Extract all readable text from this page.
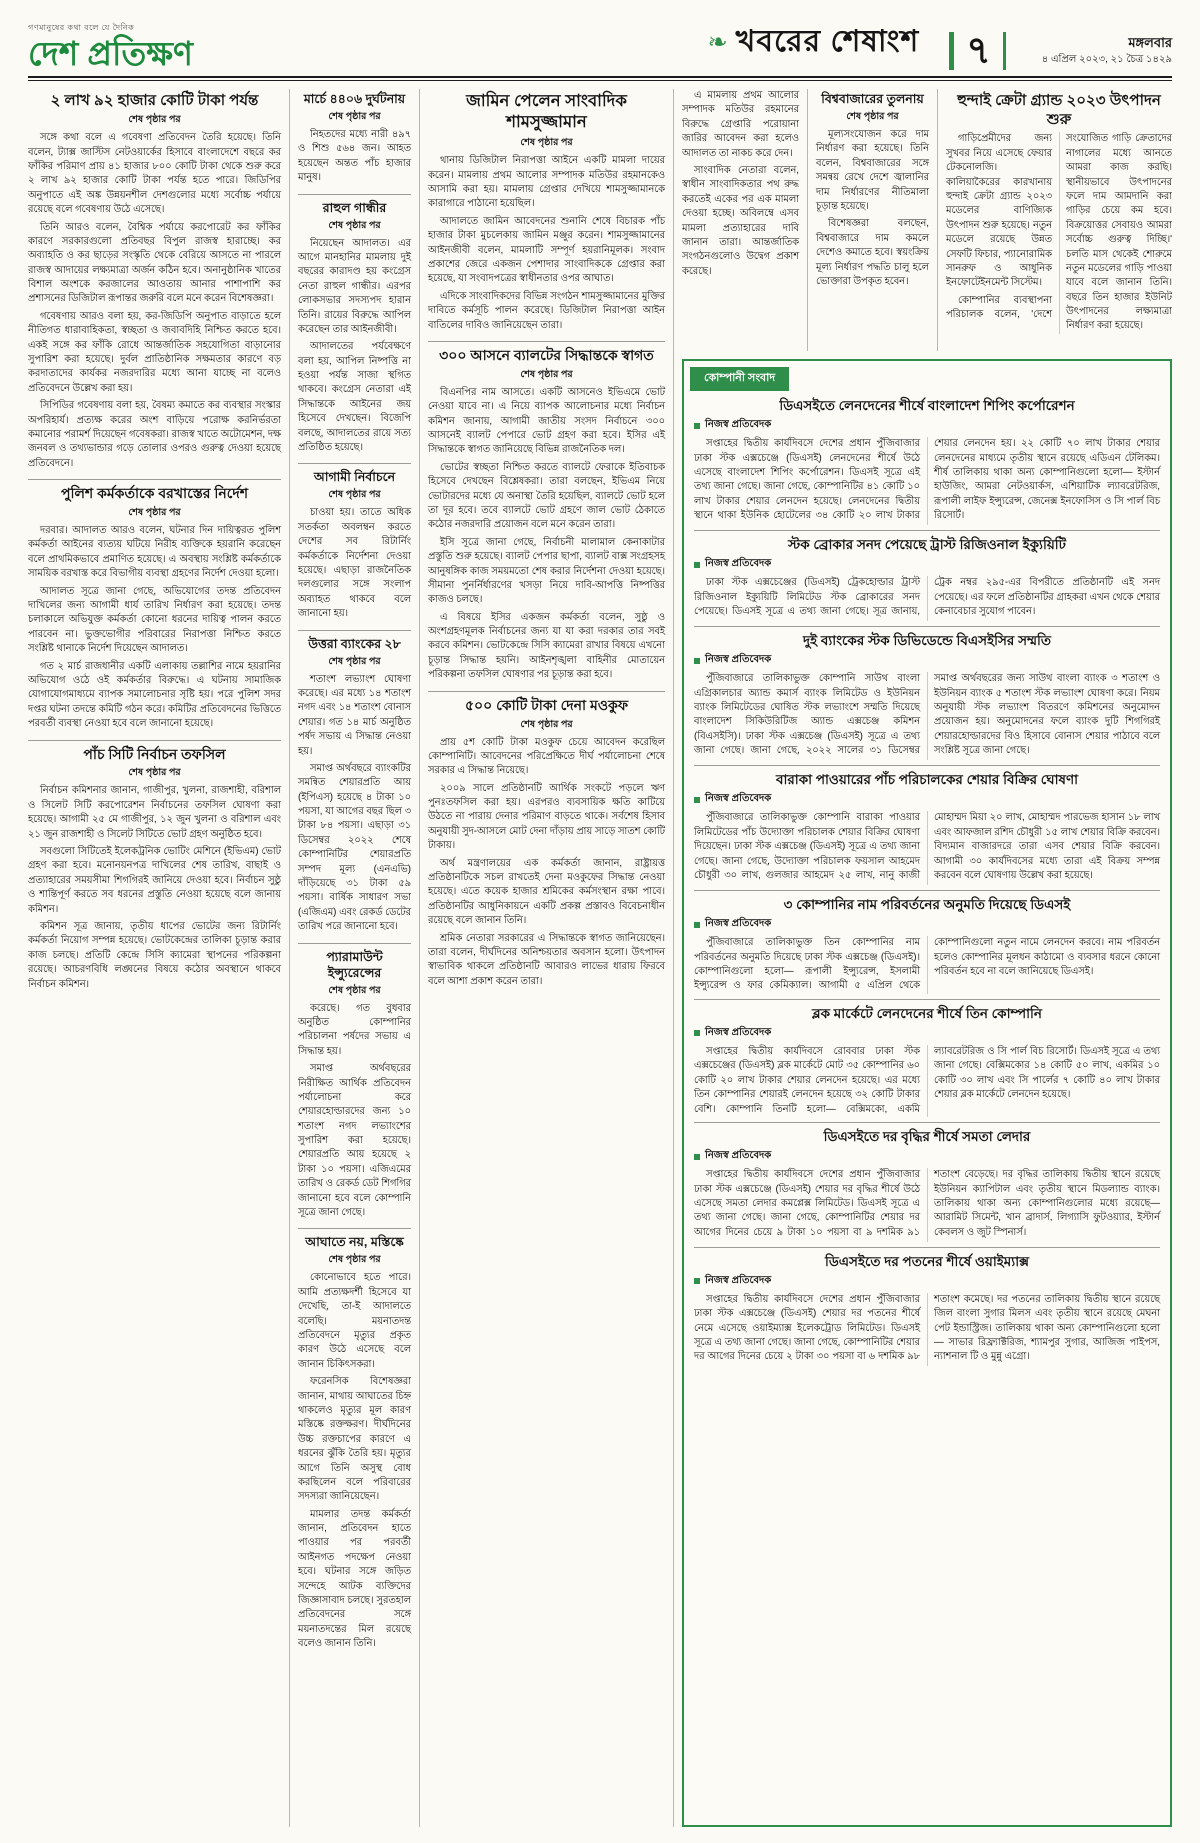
গণমানুষের কথা বলে যে দৈনিক
দেশ প্রতিক্ষণ	❧ খবরের শেষাংশ	৭	মঙ্গলবার
৪ এপ্রিল ২০২৩, ২১ চৈত্র ১৪২৯
২ লাখ ৯২ হাজার কোটি টাকা পর্যন্ত
শেষ পৃষ্ঠার পর

সঙ্গে কথা বলে এ গবেষণা প্রতিবেদন তৈরি হয়েছে। তিনি বলেন, ট্যাক্স জাস্টিস নেটওয়ার্কের হিসাবে বাংলাদেশে বছরে কর ফাঁকির পরিমাণ প্রায় ৪১ হাজার ৮০০ কোটি টাকা থেকে শুরু করে ২ লাখ ৯২ হাজার কোটি টাকা পর্যন্ত হতে পারে। জিডিপির অনুপাতে এই অঙ্ক উন্নয়নশীল দেশগুলোর মধ্যে সর্বোচ্চ পর্যায়ে রয়েছে বলে গবেষণায় উঠে এসেছে।

তিনি আরও বলেন, বৈশ্বিক পর্যায়ে করপোরেট কর ফাঁকির কারণে সরকারগুলো প্রতিবছর বিপুল রাজস্ব হারাচ্ছে। কর অব্যাহতি ও কর ছাড়ের সংস্কৃতি থেকে বেরিয়ে আসতে না পারলে রাজস্ব আদায়ের লক্ষ্যমাত্রা অর্জন কঠিন হবে। অনানুষ্ঠানিক খাতের বিশাল অংশকে করজালের আওতায় আনার পাশাপাশি কর প্রশাসনের ডিজিটাল রূপান্তর জরুরি বলে মনে করেন বিশেষজ্ঞরা।

গবেষণায় আরও বলা হয়, কর-জিডিপি অনুপাত বাড়াতে হলে নীতিগত ধারাবাহিকতা, স্বচ্ছতা ও জবাবদিহি নিশ্চিত করতে হবে। একই সঙ্গে কর ফাঁকি রোধে আন্তর্জাতিক সহযোগিতা বাড়ানোর সুপারিশ করা হয়েছে। দুর্বল প্রাতিষ্ঠানিক সক্ষমতার কারণে বড় করদাতাদের কার্যকর নজরদারির মধ্যে আনা যাচ্ছে না বলেও প্রতিবেদনে উল্লেখ করা হয়।

সিপিডির গবেষণায় বলা হয়, বৈষম্য কমাতে কর ব্যবস্থার সংস্কার অপরিহার্য। প্রত্যক্ষ করের অংশ বাড়িয়ে পরোক্ষ করনির্ভরতা কমানোর পরামর্শ দিয়েছেন গবেষকরা। রাজস্ব খাতে অটোমেশন, দক্ষ জনবল ও তথ্যভান্ডার গড়ে তোলার ওপরও গুরুত্ব দেওয়া হয়েছে প্রতিবেদনে।

পুলিশ কর্মকর্তাকে বরখাস্তের নির্দেশ
শেষ পৃষ্ঠার পর

দরবার। আদালত আরও বলেন, ঘটনার দিন দায়িত্বরত পুলিশ কর্মকর্তা আইনের ব্যত্যয় ঘটিয়ে নিরীহ ব্যক্তিকে হয়রানি করেছেন বলে প্রাথমিকভাবে প্রমাণিত হয়েছে। এ অবস্থায় সংশ্লিষ্ট কর্মকর্তাকে সাময়িক বরখাস্ত করে বিভাগীয় ব্যবস্থা গ্রহণের নির্দেশ দেওয়া হলো।

আদালত সূত্রে জানা গেছে, অভিযোগের তদন্ত প্রতিবেদন দাখিলের জন্য আগামী ধার্য তারিখ নির্ধারণ করা হয়েছে। তদন্ত চলাকালে অভিযুক্ত কর্মকর্তা কোনো ধরনের দায়িত্ব পালন করতে পারবেন না। ভুক্তভোগীর পরিবারের নিরাপত্তা নিশ্চিত করতে সংশ্লিষ্ট থানাকে নির্দেশ দিয়েছেন আদালত।

গত ২ মার্চ রাজধানীর একটি এলাকায় তল্লাশির নামে হয়রানির অভিযোগ ওঠে ওই কর্মকর্তার বিরুদ্ধে। এ ঘটনায় সামাজিক যোগাযোগমাধ্যমে ব্যাপক সমালোচনার সৃষ্টি হয়। পরে পুলিশ সদর দপ্তর ঘটনা তদন্তে কমিটি গঠন করে। কমিটির প্রতিবেদনের ভিত্তিতে পরবর্তী ব্যবস্থা নেওয়া হবে বলে জানানো হয়েছে।

পাঁচ সিটি নির্বাচন তফসিল
শেষ পৃষ্ঠার পর

নির্বাচন কমিশনার জানান, গাজীপুর, খুলনা, রাজশাহী, বরিশাল ও সিলেট সিটি করপোরেশন নির্বাচনের তফসিল ঘোষণা করা হয়েছে। আগামী ২৫ মে গাজীপুর, ১২ জুন খুলনা ও বরিশাল এবং ২১ জুন রাজশাহী ও সিলেট সিটিতে ভোট গ্রহণ অনুষ্ঠিত হবে।

সবগুলো সিটিতেই ইলেকট্রনিক ভোটিং মেশিনে (ইভিএম) ভোট গ্রহণ করা হবে। মনোনয়নপত্র দাখিলের শেষ তারিখ, বাছাই ও প্রত্যাহারের সময়সীমা শিগগিরই জানিয়ে দেওয়া হবে। নির্বাচন সুষ্ঠু ও শান্তিপূর্ণ করতে সব ধরনের প্রস্তুতি নেওয়া হয়েছে বলে জানায় কমিশন।

কমিশন সূত্র জানায়, তৃতীয় ধাপের ভোটের জন্য রিটার্নিং কর্মকর্তা নিয়োগ সম্পন্ন হয়েছে। ভোটকেন্দ্রের তালিকা চূড়ান্ত করার কাজ চলছে। প্রতিটি কেন্দ্রে সিসি ক্যামেরা স্থাপনের পরিকল্পনা রয়েছে। আচরণবিধি লঙ্ঘনের বিষয়ে কঠোর অবস্থানে থাকবে নির্বাচন কমিশন।

মার্চে ৪৪০৬ দুর্ঘটনায়
শেষ পৃষ্ঠার পর

নিহতদের মধ্যে নারী ৪৯৭ ও শিশু ৫৬৪ জন। আহত হয়েছেন অন্তত পাঁচ হাজার মানুষ।

রাহুল গান্ধীর
শেষ পৃষ্ঠার পর

নিয়েছেন আদালত। এর আগে মানহানির মামলায় দুই বছরের কারাদণ্ড হয় কংগ্রেস নেতা রাহুল গান্ধীর। এরপর লোকসভার সদস্যপদ হারান তিনি। রায়ের বিরুদ্ধে আপিল করেছেন তার আইনজীবী।

আদালতের পর্যবেক্ষণে বলা হয়, আপিল নিষ্পত্তি না হওয়া পর্যন্ত সাজা স্থগিত থাকবে। কংগ্রেস নেতারা এই সিদ্ধান্তকে আইনের জয় হিসেবে দেখছেন। বিজেপি বলছে, আদালতের রায়ে সত্য প্রতিষ্ঠিত হয়েছে।

আগামী নির্বাচনে
শেষ পৃষ্ঠার পর

চাওয়া হয়। তাতে অধিক সতর্কতা অবলম্বন করতে দেশের সব রিটার্নিং কর্মকর্তাকে নির্দেশনা দেওয়া হয়েছে। এছাড়া রাজনৈতিক দলগুলোর সঙ্গে সংলাপ অব্যাহত থাকবে বলে জানানো হয়।

উত্তরা ব্যাংকের ২৮
শেষ পৃষ্ঠার পর

শতাংশ লভ্যাংশ ঘোষণা করেছে। এর মধ্যে ১৪ শতাংশ নগদ এবং ১৪ শতাংশ বোনাস শেয়ার। গত ১৪ মার্চ অনুষ্ঠিত পর্ষদ সভায় এ সিদ্ধান্ত নেওয়া হয়।

সমাপ্ত অর্থবছরে ব্যাংকটির সমন্বিত শেয়ারপ্রতি আয় (ইপিএস) হয়েছে ৪ টাকা ১০ পয়সা, যা আগের বছর ছিল ৩ টাকা ৮৪ পয়সা। এছাড়া ৩১ ডিসেম্বর ২০২২ শেষে কোম্পানিটির শেয়ারপ্রতি সম্পদ মূল্য (এনএভি) দাঁড়িয়েছে ৩১ টাকা ৫৯ পয়সা। বার্ষিক সাধারণ সভা (এজিএম) এবং রেকর্ড ডেটের তারিখ পরে জানানো হবে।

প্যারামাউন্ট ইন্স্যুরেন্সের
শেষ পৃষ্ঠার পর

করেছে। গত বুধবার অনুষ্ঠিত কোম্পানির পরিচালনা পর্ষদের সভায় এ সিদ্ধান্ত হয়।

সমাপ্ত অর্থবছরের নিরীক্ষিত আর্থিক প্রতিবেদন পর্যালোচনা করে শেয়ারহোল্ডারদের জন্য ১০ শতাংশ নগদ লভ্যাংশের সুপারিশ করা হয়েছে। শেয়ারপ্রতি আয় হয়েছে ২ টাকা ১০ পয়সা। এজিএমের তারিখ ও রেকর্ড ডেট শিগগির জানানো হবে বলে কোম্পানি সূত্রে জানা গেছে।

আঘাতে নয়, মস্তিষ্কে
শেষ পৃষ্ঠার পর

কোনোভাবে হতে পারে। আমি প্রত্যক্ষদর্শী হিসেবে যা দেখেছি, তা-ই আদালতে বলেছি। ময়নাতদন্ত প্রতিবেদনে মৃত্যুর প্রকৃত কারণ উঠে এসেছে বলে জানান চিকিৎসকরা।

ফরেনসিক বিশেষজ্ঞরা জানান, মাথায় আঘাতের চিহ্ন থাকলেও মৃত্যুর মূল কারণ মস্তিষ্কে রক্তক্ষরণ। দীর্ঘদিনের উচ্চ রক্তচাপের কারণে এ ধরনের ঝুঁকি তৈরি হয়। মৃত্যুর আগে তিনি অসুস্থ বোধ করছিলেন বলে পরিবারের সদস্যরা জানিয়েছেন।

মামলার তদন্ত কর্মকর্তা জানান, প্রতিবেদন হাতে পাওয়ার পর পরবর্তী আইনগত পদক্ষেপ নেওয়া হবে। ঘটনার সঙ্গে জড়িত সন্দেহে আটক ব্যক্তিদের জিজ্ঞাসাবাদ চলছে। সুরতহাল প্রতিবেদনের সঙ্গে ময়নাতদন্তের মিল রয়েছে বলেও জানান তিনি।

জামিন পেলেন সাংবাদিক শামসুজ্জামান
শেষ পৃষ্ঠার পর

থানায় ডিজিটাল নিরাপত্তা আইনে একটি মামলা দায়ের করেন। মামলায় প্রথম আলোর সম্পাদক মতিউর রহমানকেও আসামি করা হয়। মামলায় গ্রেপ্তার দেখিয়ে শামসুজ্জামানকে কারাগারে পাঠানো হয়েছিল।

আদালতে জামিন আবেদনের শুনানি শেষে বিচারক পাঁচ হাজার টাকা মুচলেকায় জামিন মঞ্জুর করেন। শামসুজ্জামানের আইনজীবী বলেন, মামলাটি সম্পূর্ণ হয়রানিমূলক। সংবাদ প্রকাশের জেরে একজন পেশাদার সাংবাদিককে গ্রেপ্তার করা হয়েছে, যা সংবাদপত্রের স্বাধীনতার ওপর আঘাত।

এদিকে সাংবাদিকদের বিভিন্ন সংগঠন শামসুজ্জামানের মুক্তির দাবিতে কর্মসূচি পালন করেছে। ডিজিটাল নিরাপত্তা আইন বাতিলের দাবিও জানিয়েছেন তারা।

৩০০ আসনে ব্যালটের সিদ্ধান্তকে স্বাগত
শেষ পৃষ্ঠার পর

বিএনপির নাম আসতে। একটি আসনেও ইভিএমে ভোট নেওয়া যাবে না। এ নিয়ে ব্যাপক আলোচনার মধ্যে নির্বাচন কমিশন জানায়, আগামী জাতীয় সংসদ নির্বাচনে ৩০০ আসনেই ব্যালট পেপারে ভোট গ্রহণ করা হবে। ইসির এই সিদ্ধান্তকে স্বাগত জানিয়েছে বিভিন্ন রাজনৈতিক দল।

ভোটের স্বচ্ছতা নিশ্চিত করতে ব্যালটে ফেরাকে ইতিবাচক হিসেবে দেখছেন বিশ্লেষকরা। তারা বলছেন, ইভিএম নিয়ে ভোটারদের মধ্যে যে অনাস্থা তৈরি হয়েছিল, ব্যালটে ভোট হলে তা দূর হবে। তবে ব্যালটে ভোট গ্রহণে জাল ভোট ঠেকাতে কঠোর নজরদারি প্রয়োজন বলে মনে করেন তারা।

ইসি সূত্রে জানা গেছে, নির্বাচনী মালামাল কেনাকাটার প্রস্তুতি শুরু হয়েছে। ব্যালট পেপার ছাপা, ব্যালট বাক্স সংগ্রহসহ আনুষঙ্গিক কাজ সময়মতো শেষ করার নির্দেশনা দেওয়া হয়েছে। সীমানা পুনর্নির্ধারণের খসড়া নিয়ে দাবি-আপত্তি নিষ্পত্তির কাজও চলছে।

এ বিষয়ে ইসির একজন কর্মকর্তা বলেন, সুষ্ঠু ও অংশগ্রহণমূলক নির্বাচনের জন্য যা যা করা দরকার তার সবই করবে কমিশন। ভোটকেন্দ্রে সিসি ক্যামেরা রাখার বিষয়ে এখনো চূড়ান্ত সিদ্ধান্ত হয়নি। আইনশৃঙ্খলা বাহিনীর মোতায়েন পরিকল্পনা তফসিল ঘোষণার পর চূড়ান্ত করা হবে।

৫০০ কোটি টাকা দেনা মওকুফ
শেষ পৃষ্ঠার পর

প্রায় ৫শ কোটি টাকা মওকুফ চেয়ে আবেদন করেছিল কোম্পানিটি। আবেদনের পরিপ্রেক্ষিতে দীর্ঘ পর্যালোচনা শেষে সরকার এ সিদ্ধান্ত নিয়েছে।

২০০৯ সালে প্রতিষ্ঠানটি আর্থিক সংকটে পড়লে ঋণ পুনঃতফসিল করা হয়। এরপরও ব্যবসায়িক ক্ষতি কাটিয়ে উঠতে না পারায় দেনার পরিমাণ বাড়তে থাকে। সর্বশেষ হিসাব অনুযায়ী সুদ-আসলে মোট দেনা দাঁড়ায় প্রায় সাড়ে সাতশ কোটি টাকায়।

অর্থ মন্ত্রণালয়ের এক কর্মকর্তা জানান, রাষ্ট্রায়ত্ত প্রতিষ্ঠানটিকে সচল রাখতেই দেনা মওকুফের সিদ্ধান্ত নেওয়া হয়েছে। এতে কয়েক হাজার শ্রমিকের কর্মসংস্থান রক্ষা পাবে। প্রতিষ্ঠানটির আধুনিকায়নে একটি প্রকল্প প্রস্তাবও বিবেচনাধীন রয়েছে বলে জানান তিনি।

শ্রমিক নেতারা সরকারের এ সিদ্ধান্তকে স্বাগত জানিয়েছেন। তারা বলেন, দীর্ঘদিনের অনিশ্চয়তার অবসান হলো। উৎপাদন স্বাভাবিক থাকলে প্রতিষ্ঠানটি আবারও লাভের ধারায় ফিরবে বলে আশা প্রকাশ করেন তারা।

এ মামলায় প্রথম আলোর সম্পাদক মতিউর রহমানের বিরুদ্ধে গ্রেপ্তারি পরোয়ানা জারির আবেদন করা হলেও আদালত তা নাকচ করে দেন।

সাংবাদিক নেতারা বলেন, স্বাধীন সাংবাদিকতার পথ রুদ্ধ করতেই একের পর এক মামলা দেওয়া হচ্ছে। অবিলম্বে এসব মামলা প্রত্যাহারের দাবি জানান তারা। আন্তর্জাতিক সংগঠনগুলোও উদ্বেগ প্রকাশ করেছে।

বিশ্ববাজারের তুলনায়
শেষ পৃষ্ঠার পর

মূল্যসংযোজন করে দাম নির্ধারণ করা হয়েছে। তিনি বলেন, বিশ্ববাজারের সঙ্গে সমন্বয় রেখে দেশে জ্বালানির দাম নির্ধারণের নীতিমালা চূড়ান্ত হয়েছে।

বিশেষজ্ঞরা বলছেন, বিশ্ববাজারে দাম কমলে দেশেও কমাতে হবে। স্বয়ংক্রিয় মূল্য নির্ধারণ পদ্ধতি চালু হলে ভোক্তারা উপকৃত হবেন।

হুন্দাই ক্রেটা গ্র্যান্ড ২০২৩ উৎপাদন শুরু

গাড়িপ্রেমীদের জন্য সুখবর নিয়ে এসেছে ফেয়ার টেকনোলজি। কালিয়াকৈরের কারখানায় হুন্দাই ক্রেটা গ্র্যান্ড ২০২৩ মডেলের বাণিজ্যিক উৎপাদন শুরু হয়েছে। নতুন মডেলে রয়েছে উন্নত সেফটি ফিচার, প্যানোরামিক সানরুফ ও আধুনিক ইনফোটেইনমেন্ট সিস্টেম।

কোম্পানির ব্যবস্থাপনা পরিচালক বলেন, 'দেশে সংযোজিত গাড়ি ক্রেতাদের নাগালের মধ্যে আনতে আমরা কাজ করছি। স্থানীয়ভাবে উৎপাদনের ফলে দাম আমদানি করা গাড়ির চেয়ে কম হবে। বিক্রয়োত্তর সেবায়ও আমরা সর্বোচ্চ গুরুত্ব দিচ্ছি।' চলতি মাস থেকেই শোরুমে নতুন মডেলের গাড়ি পাওয়া যাবে বলে জানান তিনি। বছরে তিন হাজার ইউনিট উৎপাদনের লক্ষ্যমাত্রা নির্ধারণ করা হয়েছে।

কোম্পানী সংবাদ
ডিএসইতে লেনদেনের শীর্ষে বাংলাদেশ শিপিং কর্পোরেশন
নিজস্ব প্রতিবেদক

সপ্তাহের দ্বিতীয় কার্যদিবসে দেশের প্রধান পুঁজিবাজার ঢাকা স্টক এক্সচেঞ্জে (ডিএসই) লেনদেনের শীর্ষে উঠে এসেছে বাংলাদেশ শিপিং কর্পোরেশন। ডিএসই সূত্রে এই তথ্য জানা গেছে। জানা গেছে, কোম্পানিটির ৪১ কোটি ১০ লাখ টাকার শেয়ার লেনদেন হয়েছে। লেনদেনের দ্বিতীয় স্থানে থাকা ইউনিক হোটেলের ৩৪ কোটি ২০ লাখ টাকার শেয়ার লেনদেন হয়। ২২ কোটি ৭০ লাখ টাকার শেয়ার লেনদেনের মাধ্যমে তৃতীয় স্থানে রয়েছে এডিএন টেলিকম। শীর্ষ তালিকায় থাকা অন্য কোম্পানিগুলো হলো— ইস্টার্ন হাউজিং, আমরা নেটওয়ার্কস, এশিয়াটিক ল্যাবরেটরিজ, রূপালী লাইফ ইন্স্যুরেন্স, জেনেক্স ইনফোসিস ও সি পার্ল বিচ রিসোর্ট।

স্টক ব্রোকার সনদ পেয়েছে ট্রাস্ট রিজিওনাল ইক্যুয়িটি
নিজস্ব প্রতিবেদক

ঢাকা স্টক এক্সচেঞ্জের (ডিএসই) ট্রেকহোল্ডার ট্রাস্ট রিজিওনাল ইক্যুয়িটি লিমিটেড স্টক ব্রোকারের সনদ পেয়েছে। ডিএসই সূত্রে এ তথ্য জানা গেছে। সূত্র জানায়, ট্রেক নম্বর ২৯৫-এর বিপরীতে প্রতিষ্ঠানটি এই সনদ পেয়েছে। এর ফলে প্রতিষ্ঠানটির গ্রাহকরা এখন থেকে শেয়ার কেনাবেচার সুযোগ পাবেন।

দুই ব্যাংকের স্টক ডিভিডেন্ডে বিএসইসির সম্মতি
নিজস্ব প্রতিবেদক

পুঁজিবাজারে তালিকাভুক্ত কোম্পানি সাউথ বাংলা এগ্রিকালচার অ্যান্ড কমার্স ব্যাংক লিমিটেড ও ইউনিয়ন ব্যাংক লিমিটেডের ঘোষিত স্টক লভ্যাংশে সম্মতি দিয়েছে বাংলাদেশ সিকিউরিটিজ অ্যান্ড এক্সচেঞ্জ কমিশন (বিএসইসি)। ঢাকা স্টক এক্সচেঞ্জ (ডিএসই) সূত্রে এ তথ্য জানা গেছে। জানা গেছে, ২০২২ সালের ৩১ ডিসেম্বর সমাপ্ত অর্থবছরের জন্য সাউথ বাংলা ব্যাংক ৩ শতাংশ ও ইউনিয়ন ব্যাংক ৫ শতাংশ স্টক লভ্যাংশ ঘোষণা করে। নিয়ম অনুযায়ী স্টক লভ্যাংশ বিতরণে কমিশনের অনুমোদন প্রয়োজন হয়। অনুমোদনের ফলে ব্যাংক দুটি শিগগিরই শেয়ারহোল্ডারদের বিও হিসাবে বোনাস শেয়ার পাঠাবে বলে সংশ্লিষ্ট সূত্রে জানা গেছে।

বারাকা পাওয়ারের পাঁচ পরিচালকের শেয়ার বিক্রির ঘোষণা
নিজস্ব প্রতিবেদক

পুঁজিবাজারে তালিকাভুক্ত কোম্পানি বারাকা পাওয়ার লিমিটেডের পাঁচ উদ্যোক্তা পরিচালক শেয়ার বিক্রির ঘোষণা দিয়েছেন। ঢাকা স্টক এক্সচেঞ্জ (ডিএসই) সূত্রে এ তথ্য জানা গেছে। জানা গেছে, উদ্যোক্তা পরিচালক ফয়সাল আহমেদ চৌধুরী ৩০ লাখ, গুলজার আহমেদ ২৫ লাখ, নানু কাজী মোহাম্মদ মিয়া ২০ লাখ, মোহাম্মদ পারভেজ হাসান ১৮ লাখ এবং আফজাল রশিদ চৌধুরী ১৫ লাখ শেয়ার বিক্রি করবেন। বিদ্যমান বাজারদরে তারা এসব শেয়ার বিক্রি করবেন। আগামী ৩০ কার্যদিবসের মধ্যে তারা এই বিক্রয় সম্পন্ন করবেন বলে ঘোষণায় উল্লেখ করা হয়েছে।

৩ কোম্পানির নাম পরিবর্তনের অনুমতি দিয়েছে ডিএসই
নিজস্ব প্রতিবেদক

পুঁজিবাজারে তালিকাভুক্ত তিন কোম্পানির নাম পরিবর্তনের অনুমতি দিয়েছে ঢাকা স্টক এক্সচেঞ্জ (ডিএসই)। কোম্পানিগুলো হলো— রূপালী ইন্স্যুরেন্স, ইসলামী ইন্স্যুরেন্স ও ফার কেমিক্যাল। আগামী ৫ এপ্রিল থেকে কোম্পানিগুলো নতুন নামে লেনদেন করবে। নাম পরিবর্তন হলেও কোম্পানির মূলধন কাঠামো ও ব্যবসার ধরনে কোনো পরিবর্তন হবে না বলে জানিয়েছে ডিএসই।

ব্লক মার্কেটে লেনদেনের শীর্ষে তিন কোম্পানি
নিজস্ব প্রতিবেদক

সপ্তাহের দ্বিতীয় কার্যদিবসে রোববার ঢাকা স্টক এক্সচেঞ্জের (ডিএসই) ব্লক মার্কেটে মোট ৩৫ কোম্পানির ৬০ কোটি ২০ লাখ টাকার শেয়ার লেনদেন হয়েছে। এর মধ্যে তিন কোম্পানির শেয়ারই লেনদেন হয়েছে ৩২ কোটি টাকার বেশি। কোম্পানি তিনটি হলো— বেক্সিমকো, একমি ল্যাবরেটরিজ ও সি পার্ল বিচ রিসোর্ট। ডিএসই সূত্রে এ তথ্য জানা গেছে। বেক্সিমকোর ১৪ কোটি ৫০ লাখ, একমির ১০ কোটি ৩০ লাখ এবং সি পার্লের ৭ কোটি ৪০ লাখ টাকার শেয়ার ব্লক মার্কেটে লেনদেন হয়েছে।

ডিএসইতে দর বৃদ্ধির শীর্ষে সমতা লেদার
নিজস্ব প্রতিবেদক

সপ্তাহের দ্বিতীয় কার্যদিবসে দেশের প্রধান পুঁজিবাজার ঢাকা স্টক এক্সচেঞ্জে (ডিএসই) শেয়ার দর বৃদ্ধির শীর্ষে উঠে এসেছে সমতা লেদার কমপ্লেক্স লিমিটেড। ডিএসই সূত্রে এ তথ্য জানা গেছে। জানা গেছে, কোম্পানিটির শেয়ার দর আগের দিনের চেয়ে ৯ টাকা ১০ পয়সা বা ৯ দশমিক ৯১ শতাংশ বেড়েছে। দর বৃদ্ধির তালিকায় দ্বিতীয় স্থানে রয়েছে ইউনিয়ন ক্যাপিটাল এবং তৃতীয় স্থানে মিডল্যান্ড ব্যাংক। তালিকায় থাকা অন্য কোম্পানিগুলোর মধ্যে রয়েছে— আরামিট সিমেন্ট, খান ব্রাদার্স, লিগ্যাসি ফুটওয়্যার, ইস্টার্ন কেবলস ও জুট স্পিনার্স।

ডিএসইতে দর পতনের শীর্ষে ওয়াইম্যাক্স
নিজস্ব প্রতিবেদক

সপ্তাহের দ্বিতীয় কার্যদিবসে দেশের প্রধান পুঁজিবাজার ঢাকা স্টক এক্সচেঞ্জে (ডিএসই) শেয়ার দর পতনের শীর্ষে নেমে এসেছে ওয়াইম্যাক্স ইলেকট্রোড লিমিটেড। ডিএসই সূত্রে এ তথ্য জানা গেছে। জানা গেছে, কোম্পানিটির শেয়ার দর আগের দিনের চেয়ে ২ টাকা ৩০ পয়সা বা ৬ দশমিক ৯৮ শতাংশ কমেছে। দর পতনের তালিকায় দ্বিতীয় স্থানে রয়েছে জিল বাংলা সুগার মিলস এবং তৃতীয় স্থানে রয়েছে মেঘনা পেট ইন্ডাস্ট্রিজ। তালিকায় থাকা অন্য কোম্পানিগুলো হলো— সাভার রিফ্র্যাক্টরিজ, শ্যামপুর সুগার, আজিজ পাইপস, ন্যাশনাল টি ও মুন্নু এগ্রো।
